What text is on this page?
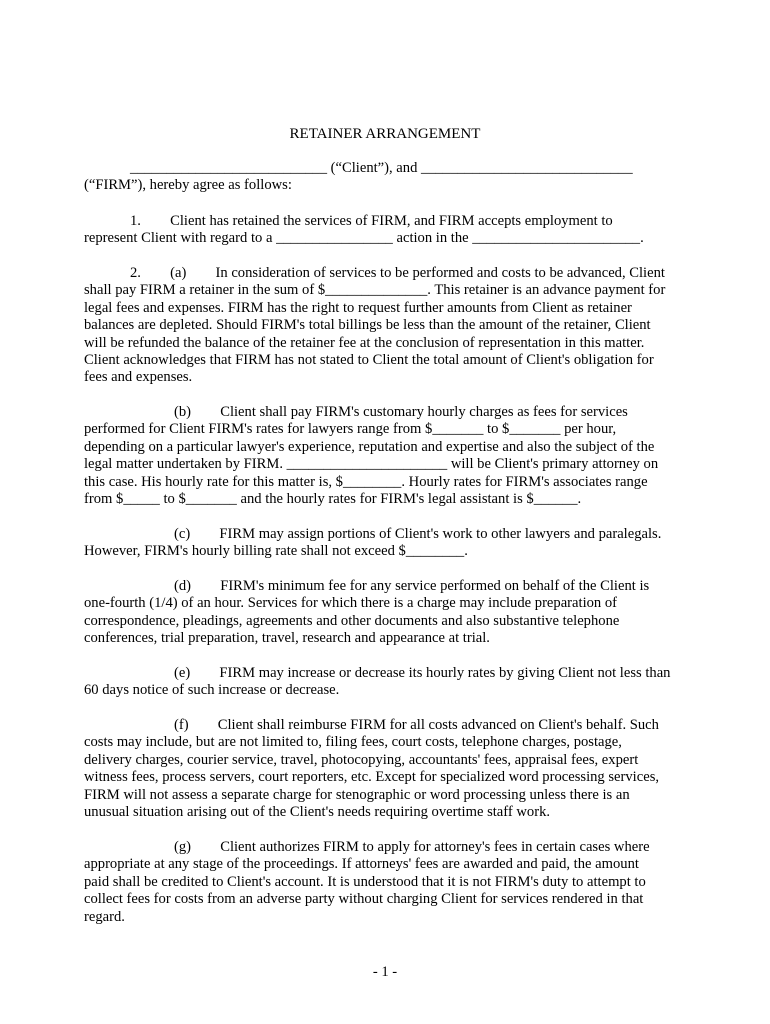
RETAINER ARRANGEMENT
___________________________ (“Client”), and _____________________________
(“FIRM”), hereby agree as follows:
1.        Client has retained the services of FIRM, and FIRM accepts employment to
represent Client with regard to a ________________ action in the _______________________.
2.        (a)        In consideration of services to be performed and costs to be advanced, Client
shall pay FIRM a retainer in the sum of $______________. This retainer is an advance payment for
legal fees and expenses. FIRM has the right to request further amounts from Client as retainer
balances are depleted. Should FIRM's total billings be less than the amount of the retainer, Client
will be refunded the balance of the retainer fee at the conclusion of representation in this matter.
Client acknowledges that FIRM has not stated to Client the total amount of Client's obligation for
fees and expenses.
(b)        Client shall pay FIRM's customary hourly charges as fees for services
performed for Client FIRM's rates for lawyers range from $_______ to $_______ per hour,
depending on a particular lawyer's experience, reputation and expertise and also the subject of the
legal matter undertaken by FIRM. ______________________ will be Client's primary attorney on
this case. His hourly rate for this matter is, $________. Hourly rates for FIRM's associates range
from $_____ to $_______ and the hourly rates for FIRM's legal assistant is $______.
(c)        FIRM may assign portions of Client's work to other lawyers and paralegals.
However, FIRM's hourly billing rate shall not exceed $________.
(d)        FIRM's minimum fee for any service performed on behalf of the Client is
one-fourth (1/4) of an hour. Services for which there is a charge may include preparation of
correspondence, pleadings, agreements and other documents and also substantive telephone
conferences, trial preparation, travel, research and appearance at trial.
(e)        FIRM may increase or decrease its hourly rates by giving Client not less than
60 days notice of such increase or decrease.
(f)        Client shall reimburse FIRM for all costs advanced on Client's behalf. Such
costs may include, but are not limited to, filing fees, court costs, telephone charges, postage,
delivery charges, courier service, travel, photocopying, accountants' fees, appraisal fees, expert
witness fees, process servers, court reporters, etc. Except for specialized word processing services,
FIRM will not assess a separate charge for stenographic or word processing unless there is an
unusual situation arising out of the Client's needs requiring overtime staff work.
(g)        Client authorizes FIRM to apply for attorney's fees in certain cases where
appropriate at any stage of the proceedings. If attorneys' fees are awarded and paid, the amount
paid shall be credited to Client's account. It is understood that it is not FIRM's duty to attempt to
collect fees for costs from an adverse party without charging Client for services rendered in that
regard.
- 1 -
